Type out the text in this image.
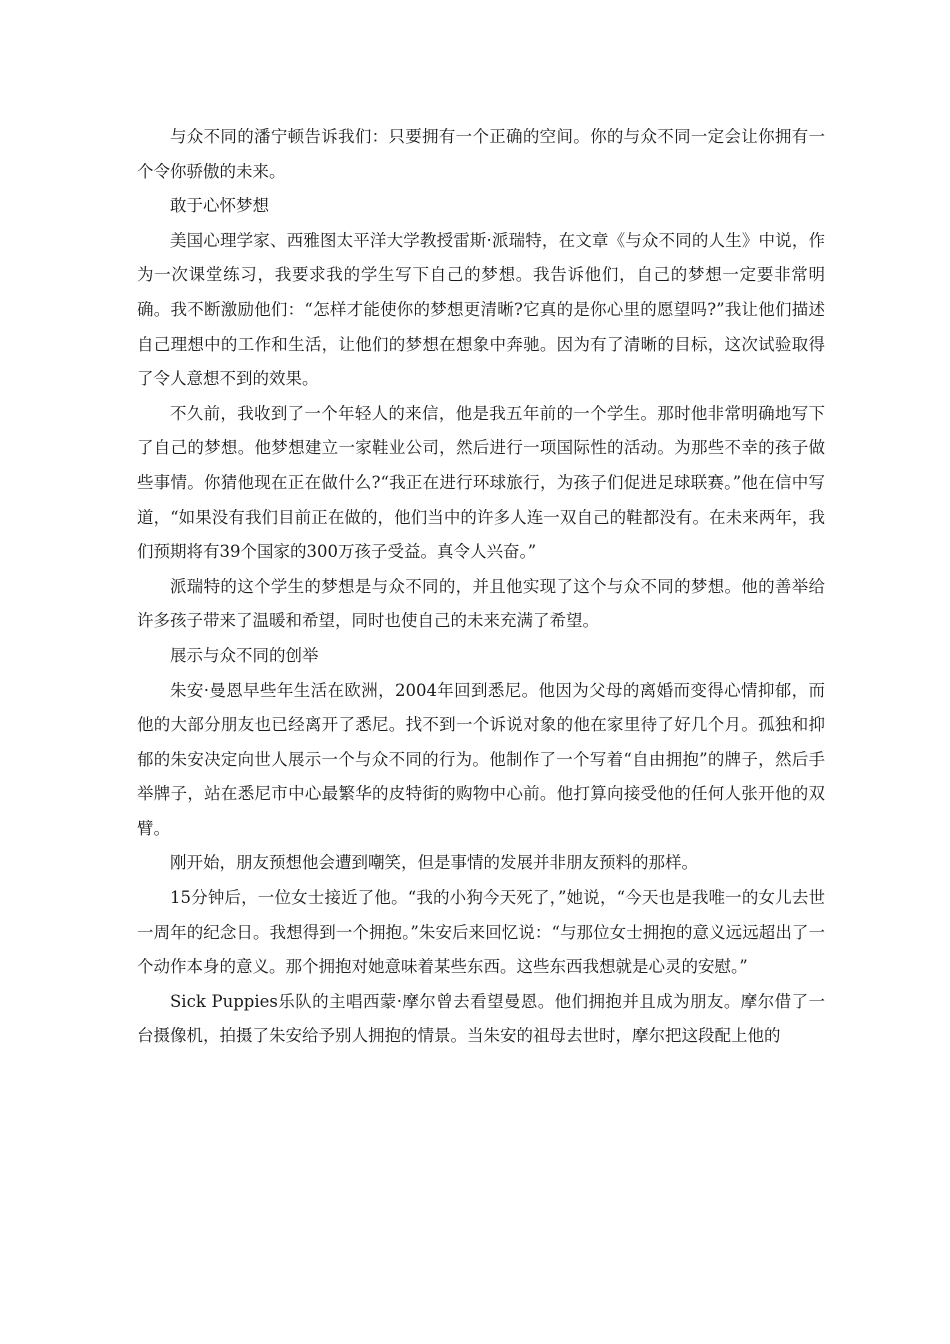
与众不同的潘宁顿告诉我们：只要拥有一个正确的空间。你的与众不同一定会让你拥有一个令你骄傲的未来。

敢于心怀梦想

美国心理学家、西雅图太平洋大学教授雷斯·派瑞特，在文章《与众不同的人生》中说，作为一次课堂练习，我要求我的学生写下自己的梦想。我告诉他们，自己的梦想一定要非常明确。我不断激励他们：“怎样才能使你的梦想更清晰?它真的是你心里的愿望吗?”我让他们描述自己理想中的工作和生活，让他们的梦想在想象中奔驰。因为有了清晰的目标，这次试验取得了令人意想不到的效果。

不久前，我收到了一个年轻人的来信，他是我五年前的一个学生。那时他非常明确地写下了自己的梦想。他梦想建立一家鞋业公司，然后进行一项国际性的活动。为那些不幸的孩子做些事情。你猜他现在正在做什么?“我正在进行环球旅行，为孩子们促进足球联赛。”他在信中写道，“如果没有我们目前正在做的，他们当中的许多人连一双自己的鞋都没有。在未来两年，我们预期将有39个国家的300万孩子受益。真令人兴奋。”

派瑞特的这个学生的梦想是与众不同的，并且他实现了这个与众不同的梦想。他的善举给许多孩子带来了温暖和希望，同时也使自己的未来充满了希望。

展示与众不同的创举

朱安·曼恩早些年生活在欧洲，2004年回到悉尼。他因为父母的离婚而变得心情抑郁，而他的大部分朋友也已经离开了悉尼。找不到一个诉说对象的他在家里待了好几个月。孤独和抑郁的朱安决定向世人展示一个与众不同的行为。他制作了一个写着“自由拥抱”的牌子，然后手举牌子，站在悉尼市中心最繁华的皮特街的购物中心前。他打算向接受他的任何人张开他的双臂。

刚开始，朋友预想他会遭到嘲笑，但是事情的发展并非朋友预料的那样。

15分钟后，一位女士接近了他。“我的小狗今天死了，”她说，“今天也是我唯一的女儿去世一周年的纪念日。我想得到一个拥抱。”朱安后来回忆说：“与那位女士拥抱的意义远远超出了一个动作本身的意义。那个拥抱对她意味着某些东西。这些东西我想就是心灵的安慰。”

Sick Puppies乐队的主唱西蒙·摩尔曾去看望曼恩。他们拥抱并且成为朋友。摩尔借了一台摄像机，拍摄了朱安给予别人拥抱的情景。当朱安的祖母去世时，摩尔把这段配上他的
